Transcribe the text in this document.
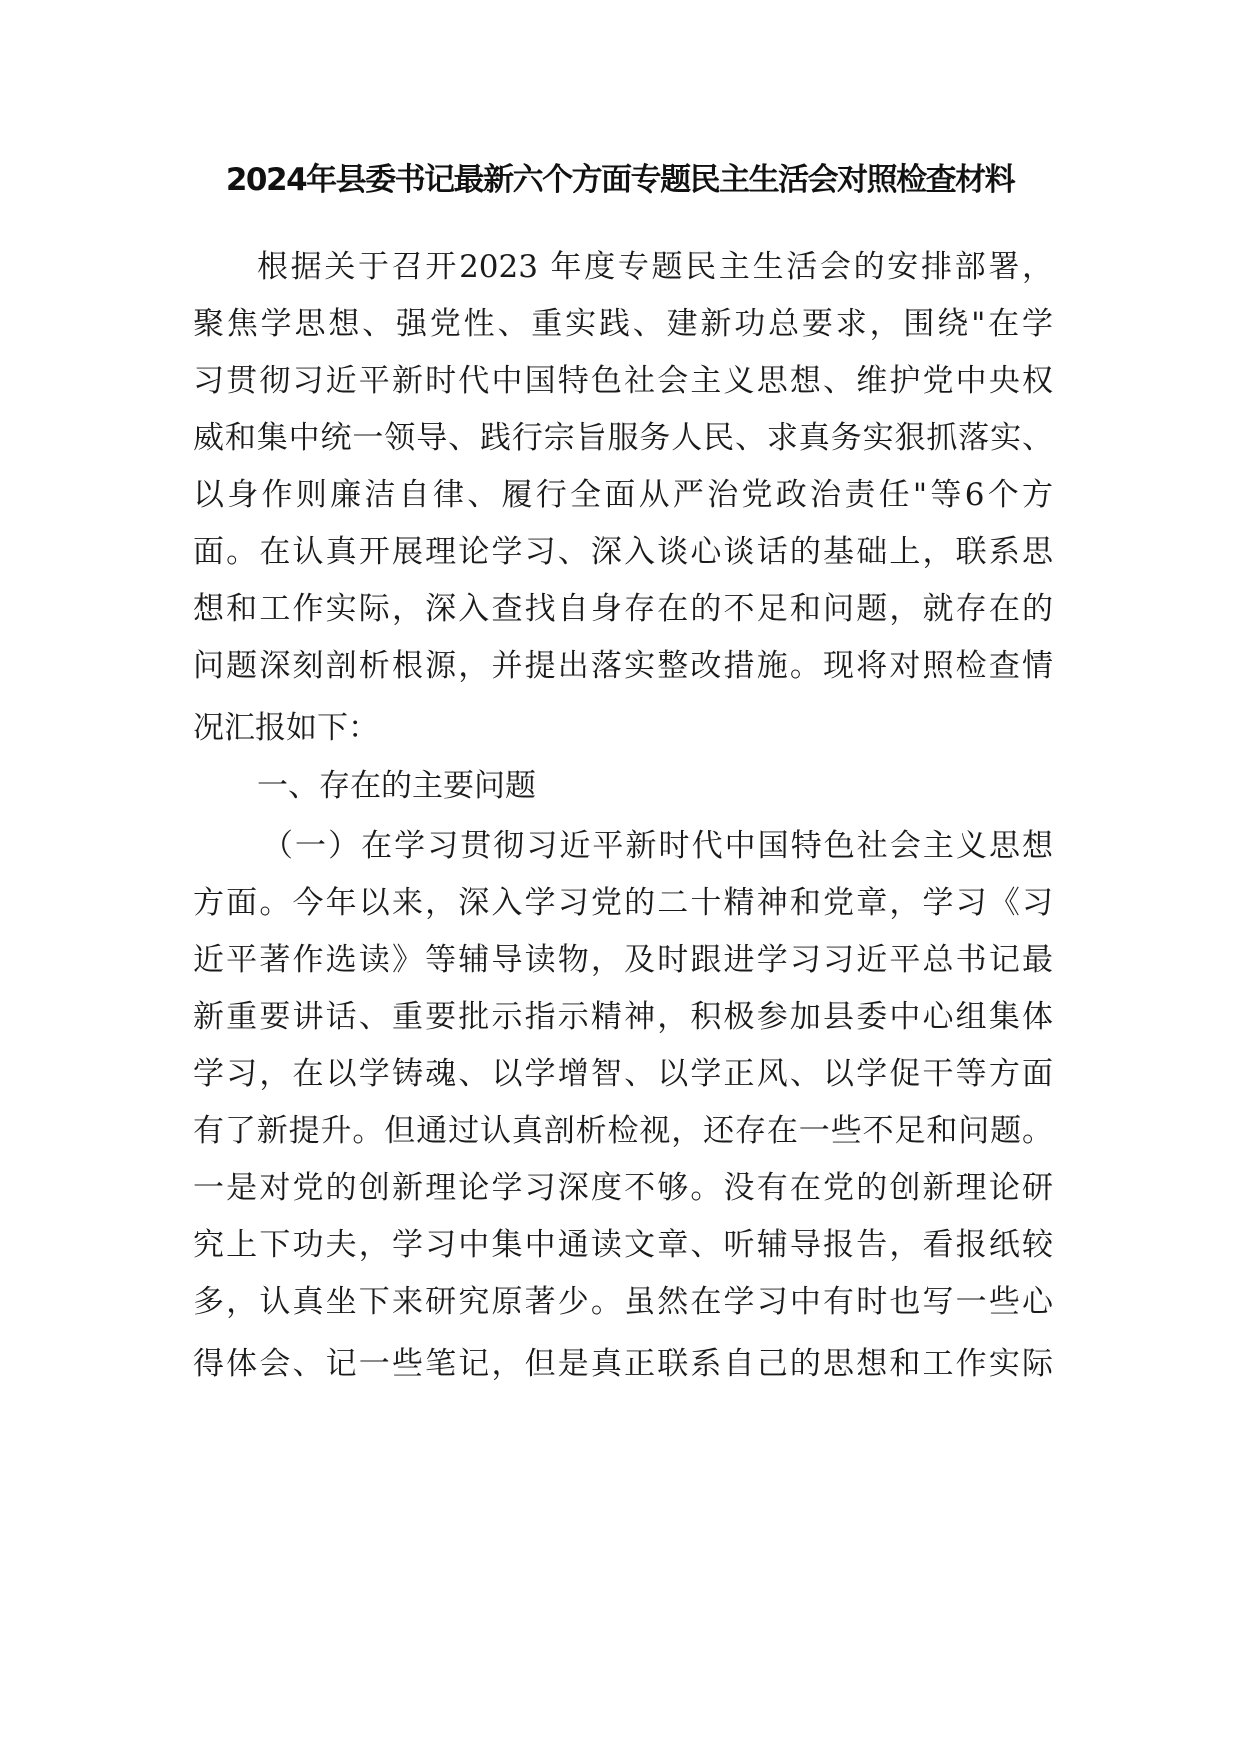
2024年县委书记最新六个方面专题民主生活会对照检查材料
根据关于召开2023 年度专题民主生活会的安排部署，
聚焦学思想、强党性、重实践、建新功总要求，围绕"在学
习贯彻习近平新时代中国特色社会主义思想、维护党中央权
威和集中统一领导、践行宗旨服务人民、求真务实狠抓落实、
以身作则廉洁自律、履行全面从严治党政治责任"等6个方
面。在认真开展理论学习、深入谈心谈话的基础上，联系思
想和工作实际，深入查找自身存在的不足和问题，就存在的
问题深刻剖析根源，并提出落实整改措施。现将对照检查情
况汇报如下：
一、存在的主要问题
（一）在学习贯彻习近平新时代中国特色社会主义思想
方面。今年以来，深入学习党的二十精神和党章，学习《习
近平著作选读》等辅导读物，及时跟进学习习近平总书记最
新重要讲话、重要批示指示精神，积极参加县委中心组集体
学习，在以学铸魂、以学增智、以学正风、以学促干等方面
有了新提升。但通过认真剖析检视，还存在一些不足和问题。
一是对党的创新理论学习深度不够。没有在党的创新理论研
究上下功夫，学习中集中通读文章、听辅导报告，看报纸较
多，认真坐下来研究原著少。虽然在学习中有时也写一些心
得体会、记一些笔记，但是真正联系自己的思想和工作实际
